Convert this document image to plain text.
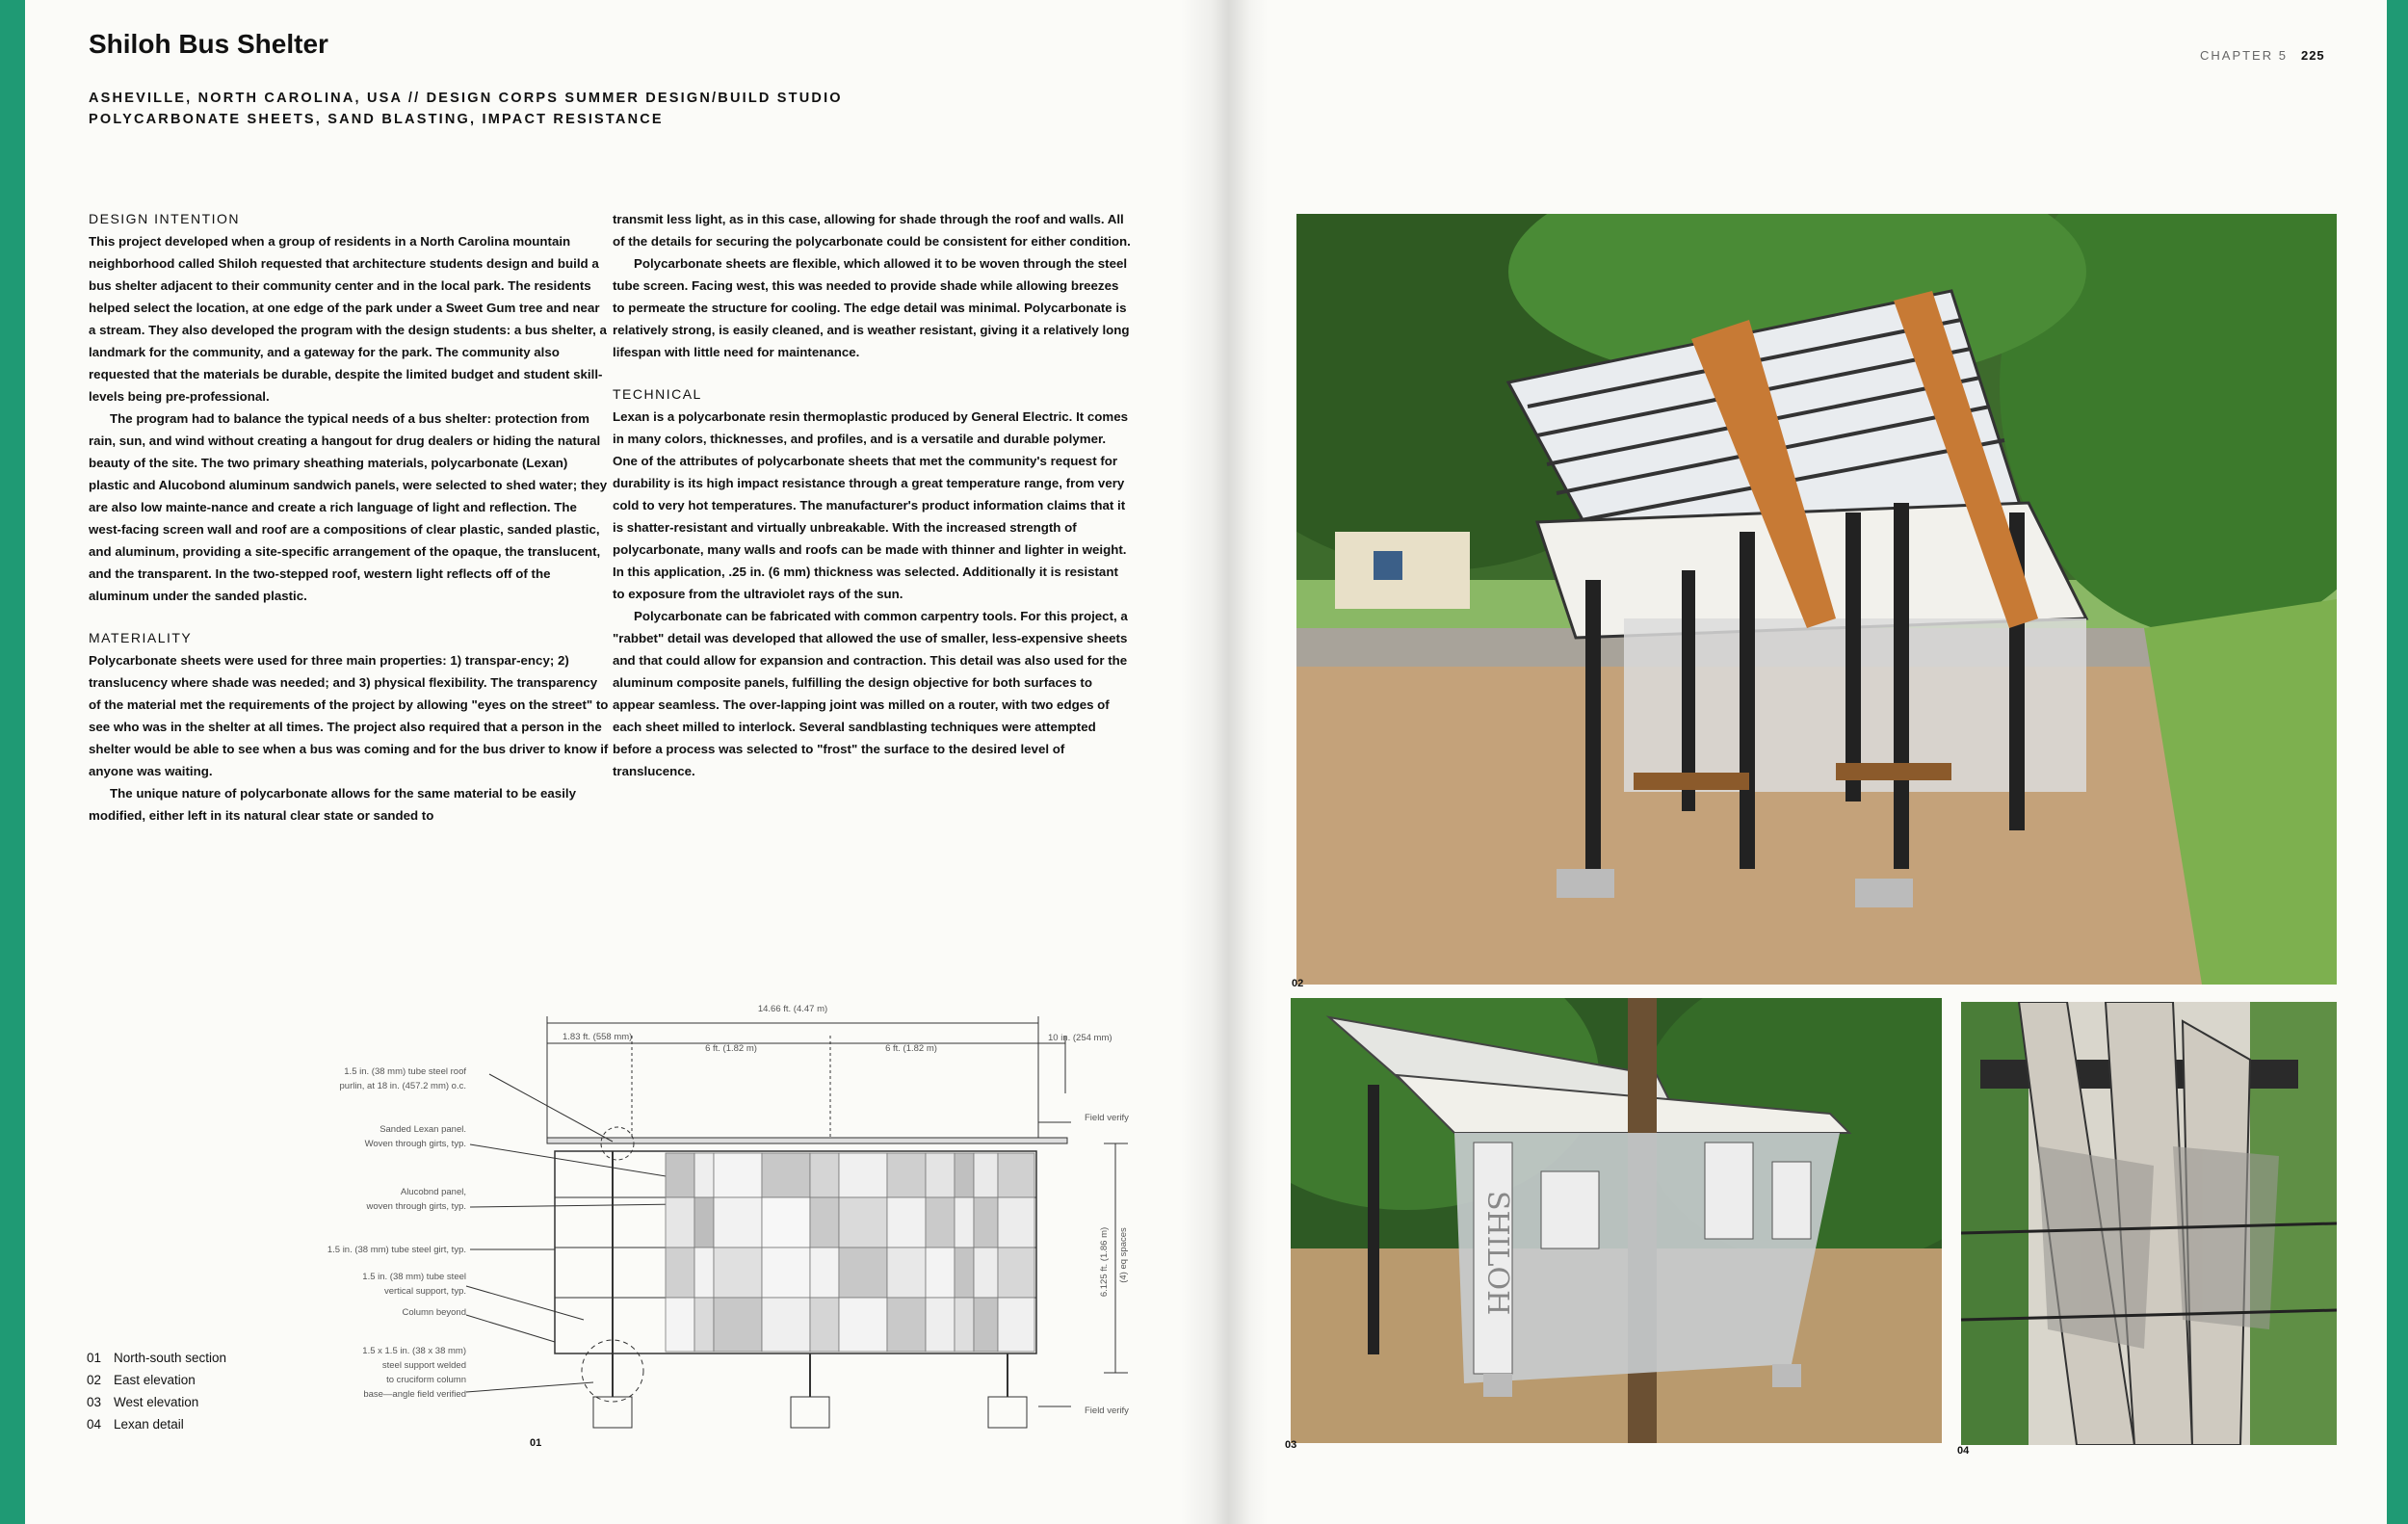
Shiloh Bus Shelter
ASHEVILLE, NORTH CAROLINA, USA // DESIGN CORPS SUMMER DESIGN/BUILD STUDIO
POLYCARBONATE SHEETS, SAND BLASTING, IMPACT RESISTANCE
CHAPTER 5 225
DESIGN INTENTION

This project developed when a group of residents in a North Carolina mountain neighborhood called Shiloh requested that architecture students design and build a bus shelter adjacent to their community center and in the local park. The residents helped select the location, at one edge of the park under a Sweet Gum tree and near a stream. They also developed the program with the design students: a bus shelter, a landmark for the community, and a gateway for the park. The community also requested that the materials be durable, despite the limited budget and student skill-levels being pre-professional.

The program had to balance the typical needs of a bus shelter: protection from rain, sun, and wind without creating a hangout for drug dealers or hiding the natural beauty of the site. The two primary sheathing materials, polycarbonate (Lexan) plastic and Alucobond aluminum sandwich panels, were selected to shed water; they are also low mainte-nance and create a rich language of light and reflection. The west-facing screen wall and roof are a compositions of clear plastic, sanded plastic, and aluminum, providing a site-specific arrangement of the opaque, the translucent, and the transparent. In the two-stepped roof, western light reflects off of the aluminum under the sanded plastic.

MATERIALITY

Polycarbonate sheets were used for three main properties: 1) transpar-ency; 2) translucency where shade was needed; and 3) physical flexibility. The transparency of the material met the requirements of the project by allowing "eyes on the street" to see who was in the shelter at all times. The project also required that a person in the shelter would be able to see when a bus was coming and for the bus driver to know if anyone was waiting.

The unique nature of polycarbonate allows for the same material to be easily modified, either left in its natural clear state or sanded to

transmit less light, as in this case, allowing for shade through the roof and walls. All of the details for securing the polycarbonate could be consistent for either condition.

Polycarbonate sheets are flexible, which allowed it to be woven through the steel tube screen. Facing west, this was needed to provide shade while allowing breezes to permeate the structure for cooling. The edge detail was minimal. Polycarbonate is relatively strong, is easily cleaned, and is weather resistant, giving it a relatively long lifespan with little need for maintenance.

TECHNICAL

Lexan is a polycarbonate resin thermoplastic produced by General Electric. It comes in many colors, thicknesses, and profiles, and is a versatile and durable polymer. One of the attributes of polycarbonate sheets that met the community's request for durability is its high impact resistance through a great temperature range, from very cold to very hot temperatures. The manufacturer's product information claims that it is shatter-resistant and virtually unbreakable. With the increased strength of polycarbonate, many walls and roofs can be made with thinner and lighter in weight. In this application, .25 in. (6 mm) thickness was selected. Additionally it is resistant to exposure from the ultraviolet rays of the sun.

Polycarbonate can be fabricated with common carpentry tools. For this project, a "rabbet" detail was developed that allowed the use of smaller, less-expensive sheets and that could allow for expansion and contraction. This detail was also used for the aluminum composite panels, fulfilling the design objective for both surfaces to appear seamless. The over-lapping joint was milled on a router, with two edges of each sheet milled to interlock. Several sandblasting techniques were attempted before a process was selected to "frost" the surface to the desired level of translucence.

14.66 ft. (4.47 m)
1.83 ft. (558 mm)
6 ft. (1.82 m)	6 ft. (1.82 m)
10 in. (254 mm)
Field verify
Field verify
6.125 ft. (1.86 m) (4) eq spaces
1.5 in. (38 mm) tube steel roof
purlin, at 18 in. (457.2 mm) o.c.
Sanded Lexan panel.
Woven through girts, typ.
Alucobnd panel,
woven through girts, typ.
1.5 in. (38 mm) tube steel girt, typ.
1.5 in. (38 mm) tube steel
vertical support, typ.
Column beyond
1.5 x 1.5 in. (38 x 38 mm)
steel support welded
to cruciform column
base—angle field verified
01
01 North-south section
02 East elevation
03 West elevation
04 Lexan detail
02
SHILOH
03	04
